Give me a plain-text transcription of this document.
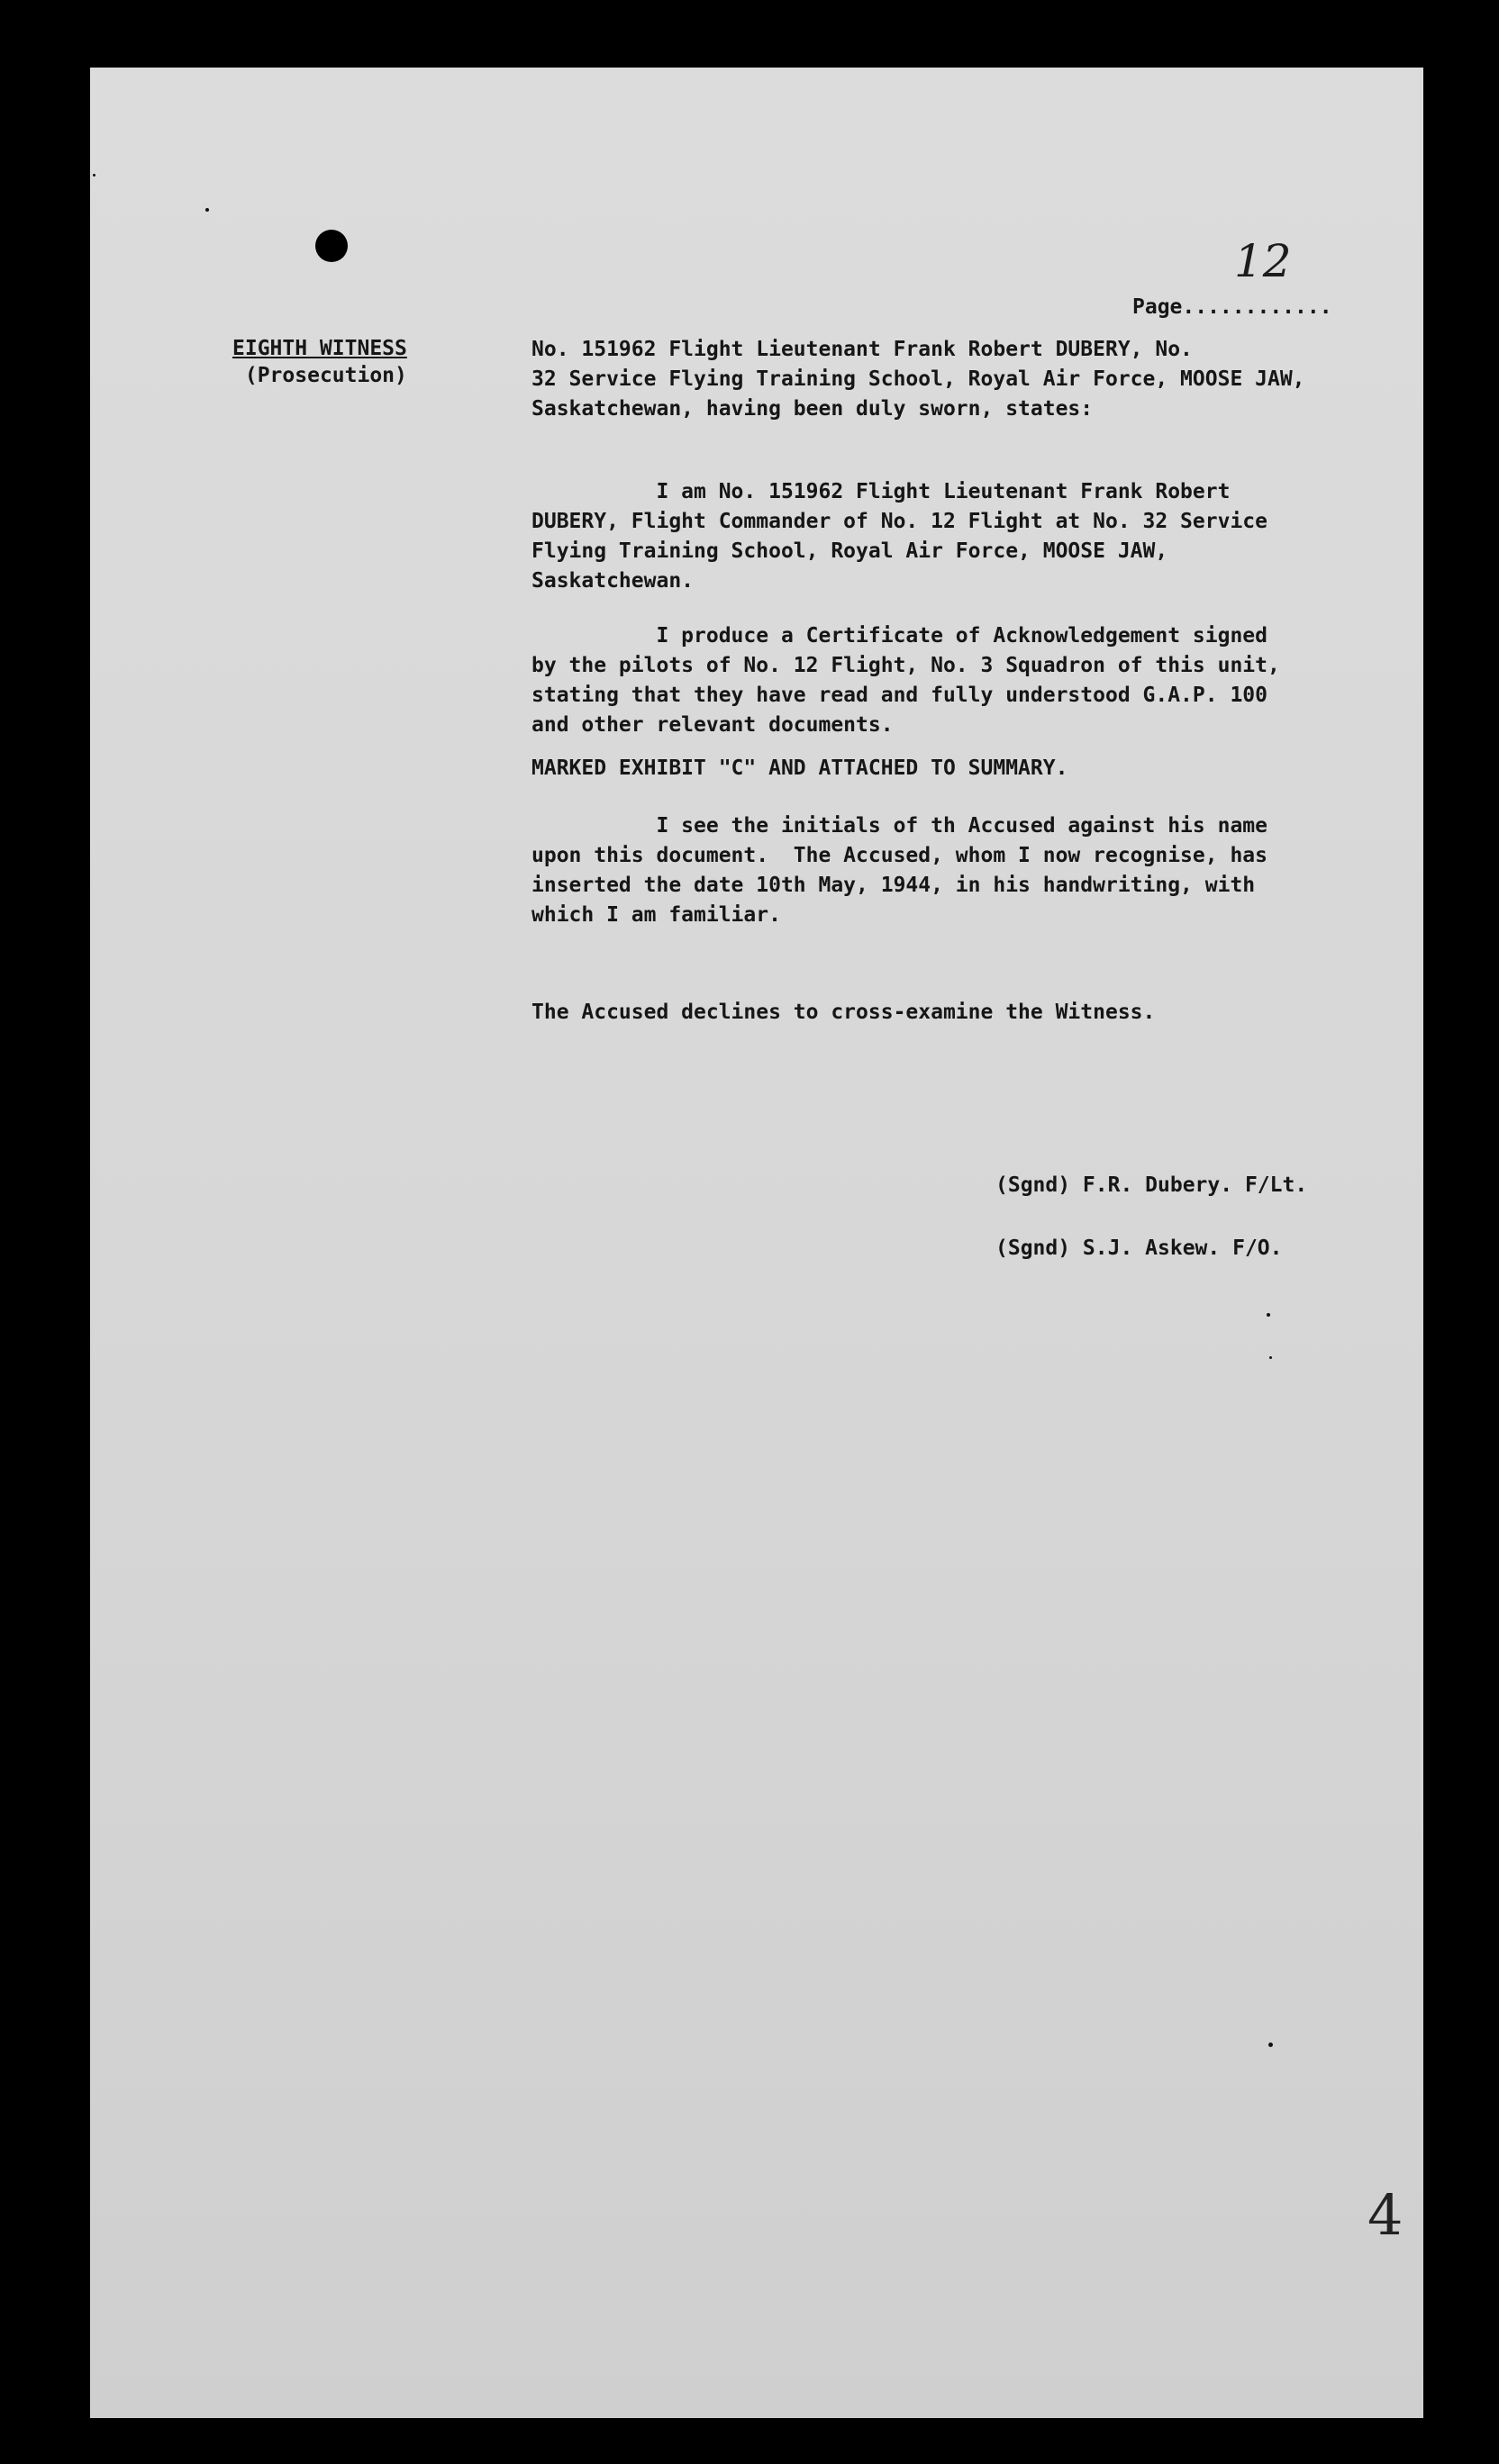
Page............

12
EIGHTH WITNESS
(Prosecution)
No. 151962 Flight Lieutenant Frank Robert DUBERY, No.
32 Service Flying Training School, Royal Air Force, MOOSE JAW,
Saskatchewan, having been duly sworn, states:
I am No. 151962 Flight Lieutenant Frank Robert
DUBERY, Flight Commander of No. 12 Flight at No. 32 Service
Flying Training School, Royal Air Force, MOOSE JAW,
Saskatchewan.
I produce a Certificate of Acknowledgement signed
by the pilots of No. 12 Flight, No. 3 Squadron of this unit,
stating that they have read and fully understood G.A.P. 100
and other relevant documents.
MARKED EXHIBIT "C" AND ATTACHED TO SUMMARY.
I see the initials of th Accused against his name
upon this document.  The Accused, whom I now recognise, has
inserted the date 10th May, 1944, in his handwriting, with
which I am familiar.
The Accused declines to cross-examine the Witness.

(Sgnd) F.R. Dubery. F/Lt.

(Sgnd) S.J. Askew. F/O.

4
